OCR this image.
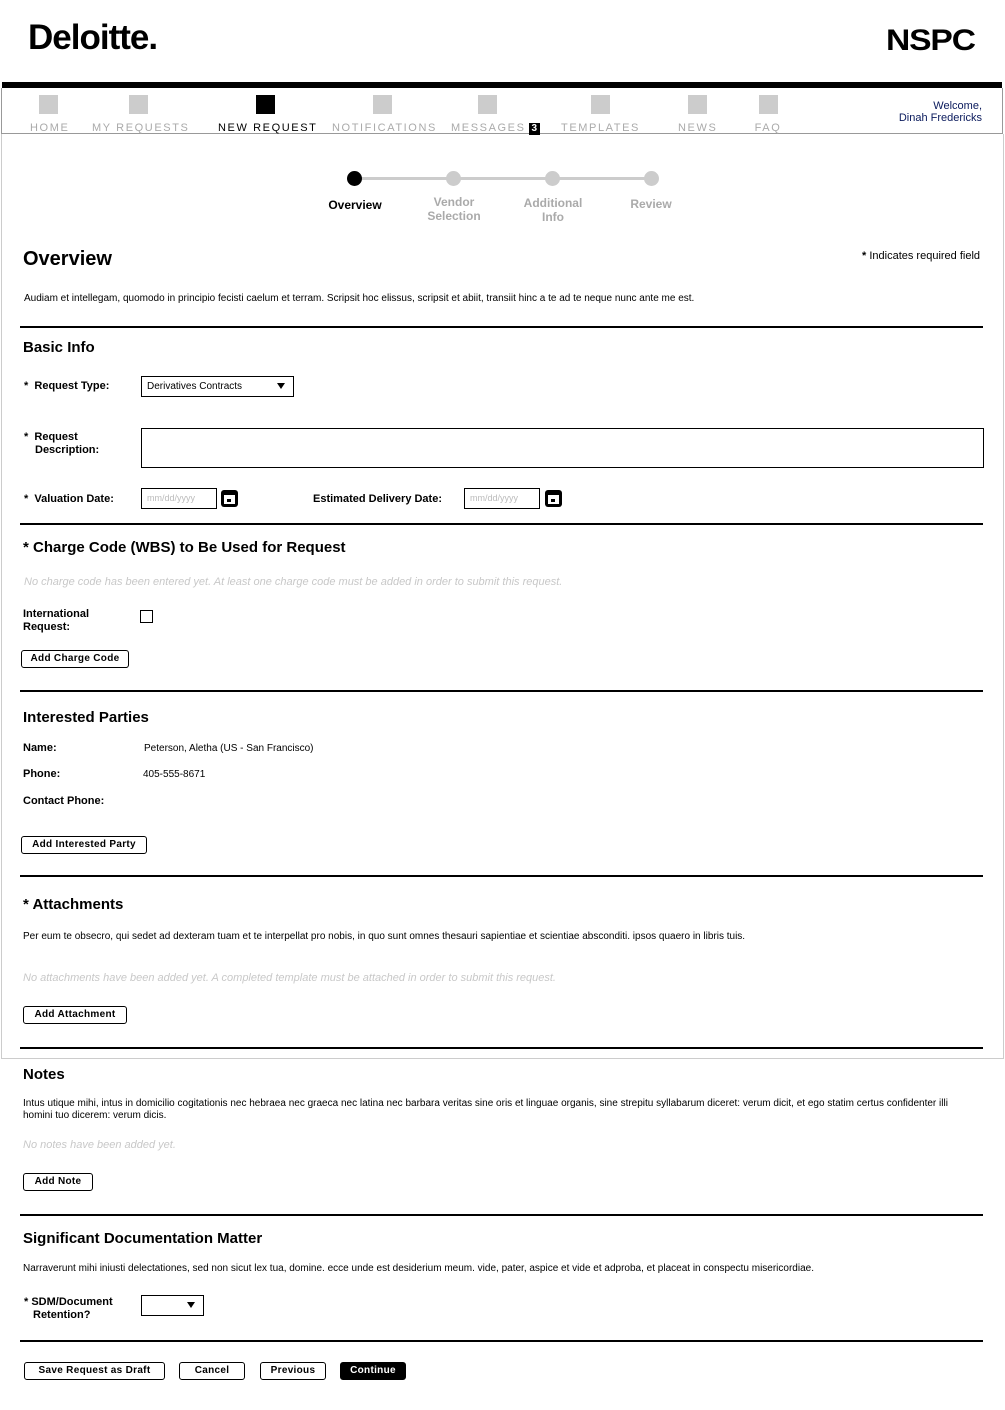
Deloitte.	NSPC
HOME MY REQUESTS	NEW REQUEST NOTIFICATIONS MESSAGES 3 TEMPLATES	NEWS	FAQ
Welcome,
Dinah Fredericks
Overview	Vendor
Selection
Additional
Info
Review
Overview	* Indicates required field
Audiam et intellegam, quomodo in principio fecisti caelum et terram. Scripsit hoc elissus, scripsit et abiit, transiit hinc a te ad te neque nunc ante me est.
Basic Info
* Request Type:	Derivatives Contracts
* Request
Description:
* Valuation Date:	mm/dd/yyyy	Estimated Delivery Date:	mm/dd/yyyy
* Charge Code (WBS) to Be Used for Request
No charge code has been entered yet. At least one charge code must be added in order to submit this request.
International
Request:
Add Charge Code
Interested Parties
Name:	Peterson, Aletha (US - San Francisco)
Phone:	405-555-8671
Contact Phone:
Add Interested Party
* Attachments
Per eum te obsecro, qui sedet ad dexteram tuam et te interpellat pro nobis, in quo sunt omnes thesauri sapientiae et scientiae absconditi. ipsos quaero in libris tuis.
No attachments have been added yet. A completed template must be attached in order to submit this request.
Add Attachment
Notes
Intus utique mihi, intus in domicilio cogitationis nec hebraea nec graeca nec latina nec barbara veritas sine oris et linguae organis, sine strepitu syllabarum diceret: verum dicit, et ego statim certus confidenter illi homini tuo dicerem: verum dicis.
No notes have been added yet.
Add Note
Significant Documentation Matter
Narraverunt mihi iniusti delectationes, sed non sicut lex tua, domine. ecce unde est desiderium meum. vide, pater, aspice et vide et adproba, et placeat in conspectu misericordiae.
* SDM/Document
Retention?
Save Request as Draft	Cancel	Previous	Continue
